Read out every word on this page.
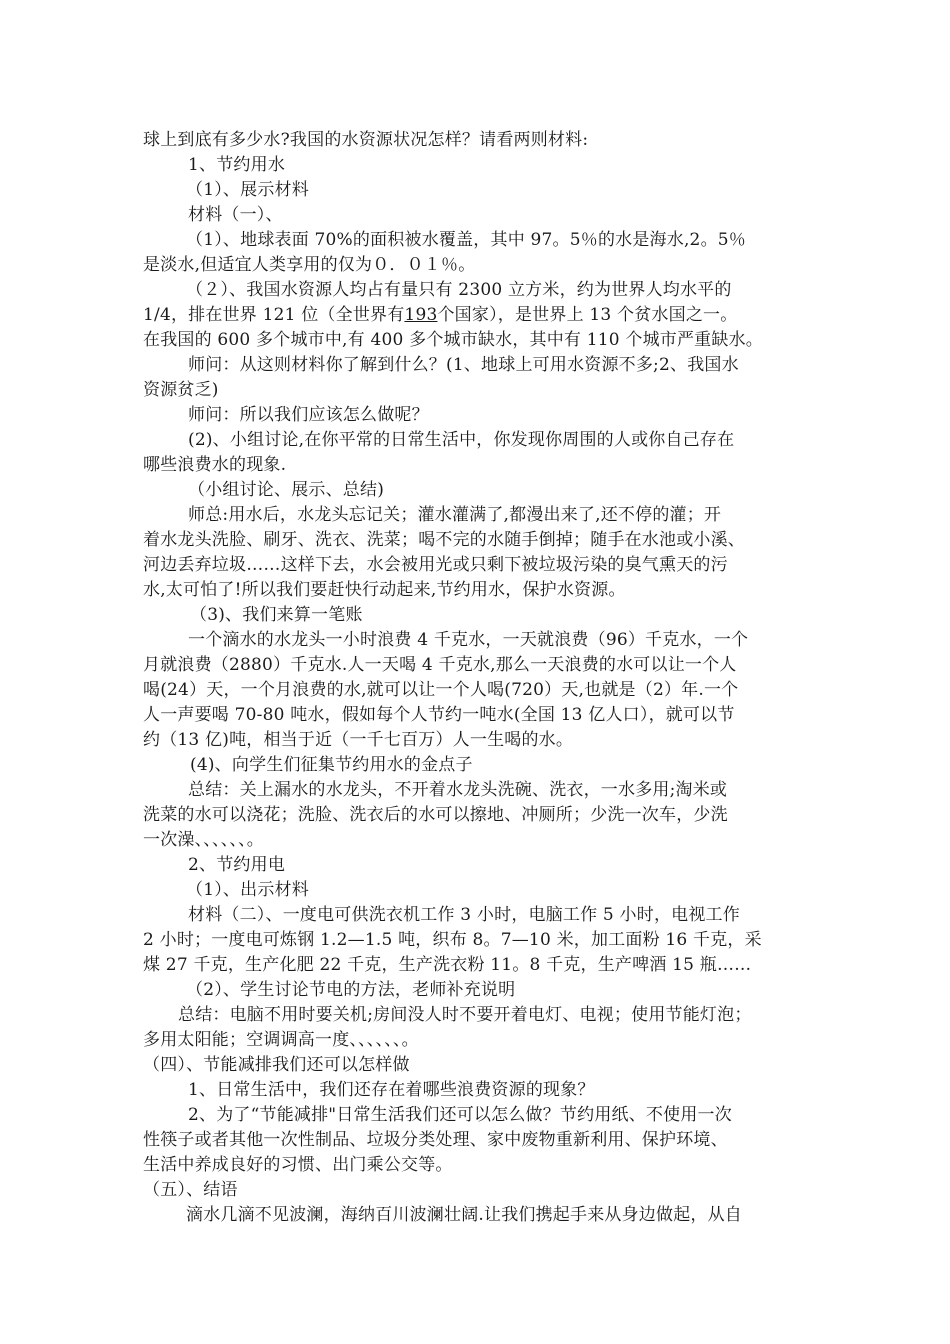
球上到底有多少水?我国的水资源状况怎样？请看两则材料:
1、节约用水
（1）、展示材料
材料（一）、
（1）、地球表面 70%的面积被水覆盖，其中 97。5％的水是海水,2。5％
是淡水,但适宜人类享用的仅为０．０１％。
（２）、我国水资源人均占有量只有 2300 立方米，约为世界人均水平的
1/4，排在世界 121 位（全世界有193个国家），是世界上 13 个贫水国之一。
在我国的 600 多个城市中,有 400 多个城市缺水，其中有 110 个城市严重缺水。
师问：从这则材料你了解到什么？(1、地球上可用水资源不多;2、我国水
资源贫乏)
师问：所以我们应该怎么做呢？
(2)、小组讨论,在你平常的日常生活中，你发现你周围的人或你自己存在
哪些浪费水的现象.
（小组讨论、展示、总结)
师总:用水后，水龙头忘记关；灌水灌满了,都漫出来了,还不停的灌；开
着水龙头洗脸、刷牙、洗衣、洗菜；喝不完的水随手倒掉；随手在水池或小溪、
河边丢弃垃圾……这样下去，水会被用光或只剩下被垃圾污染的臭气熏天的污
水,太可怕了!所以我们要赶快行动起来,节约用水，保护水资源。
（3)、我们来算一笔账
一个滴水的水龙头一小时浪费 4 千克水，一天就浪费（96）千克水，一个
月就浪费（2880）千克水.人一天喝 4 千克水,那么一天浪费的水可以让一个人
喝(24）天，一个月浪费的水,就可以让一个人喝(720）天,也就是（2）年.一个
人一声要喝 70-80 吨水，假如每个人节约一吨水(全国 13 亿人口），就可以节
约（13 亿)吨，相当于近（一千七百万）人一生喝的水。
(4)、向学生们征集节约用水的金点子
总结：关上漏水的水龙头，不开着水龙头洗碗、洗衣，一水多用;淘米或
洗菜的水可以浇花；洗脸、洗衣后的水可以擦地、冲厕所；少洗一次车，少洗
一次澡、、、、、、。
2、节约用电
（1）、出示材料
材料（二）、一度电可供洗衣机工作 3 小时，电脑工作 5 小时，电视工作
2 小时；一度电可炼钢 1.2—1.5 吨，织布 8。7—10 米，加工面粉 16 千克，采
煤 27 千克，生产化肥 22 千克，生产洗衣粉 11。8 千克，生产啤酒 15 瓶……
（2）、学生讨论节电的方法，老师补充说明
总结：电脑不用时要关机;房间没人时不要开着电灯、电视；使用节能灯泡；
多用太阳能；空调调高一度、、、、、、。
（四）、节能减排我们还可以怎样做
1、日常生活中，我们还存在着哪些浪费资源的现象？
2、为了“节能减排"日常生活我们还可以怎么做？节约用纸、不使用一次
性筷子或者其他一次性制品、垃圾分类处理、家中废物重新利用、保护环境、
生活中养成良好的习惯、出门乘公交等。
（五）、结语
滴水几滴不见波澜，海纳百川波澜壮阔.让我们携起手来从身边做起，从自
